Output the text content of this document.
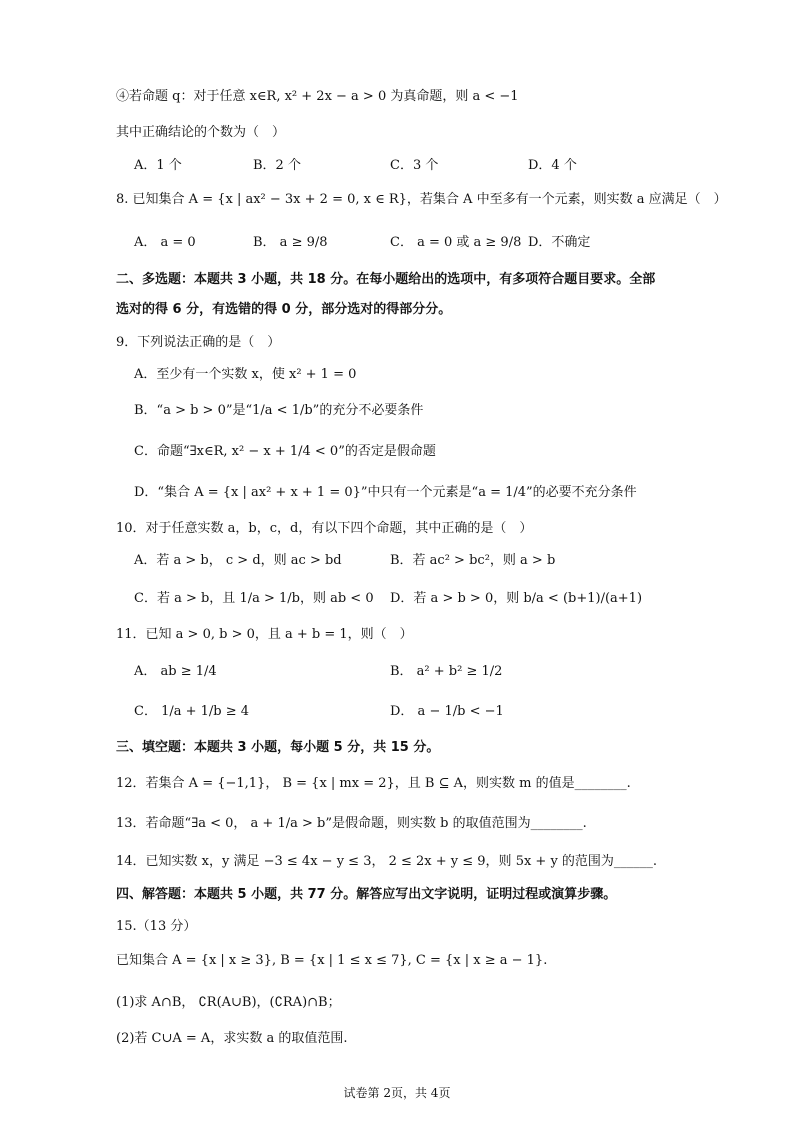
④若命题 q：对于任意 x∈R, x² + 2x − a > 0 为真命题，则 a < −1
其中正确结论的个数为（　）
A．1 个	B．2 个	C．3 个	D．4 个
8. 已知集合 A = {x | ax² − 3x + 2 = 0, x ∈ R}，若集合 A 中至多有一个元素，则实数 a 应满足（　）
A． a = 0	B． a ≥ 9/8	C． a = 0 或 a ≥ 9/8 D．不确定
二、多选题：本题共 3 小题，共 18 分。在每小题给出的选项中，有多项符合题目要求。全部
选对的得 6 分，有选错的得 0 分，部分选对的得部分分。
9．下列说法正确的是（　）
A．至少有一个实数 x，使 x² + 1 = 0
B．“a > b > 0”是“1/a < 1/b”的充分不必要条件
C．命题“∃x∈R, x² − x + 1/4 < 0”的否定是假命题
D．“集合 A = {x | ax² + x + 1 = 0}”中只有一个元素是“a = 1/4”的必要不充分条件
10．对于任意实数 a，b，c，d，有以下四个命题，其中正确的是（　）
A．若 a > b， c > d，则 ac > bd	B．若 ac² > bc²，则 a > b
C．若 a > b，且 1/a > 1/b，则 ab < 0 D．若 a > b > 0，则 b/a < (b+1)/(a+1)
11．已知 a > 0, b > 0，且 a + b = 1，则（　）
A． ab ≥ 1/4	B． a² + b² ≥ 1/2
C． 1/a + 1/b ≥ 4	D． a − 1/b < −1
三、填空题：本题共 3 小题，每小题 5 分，共 15 分。
12．若集合 A = {−1,1}， B = {x | mx = 2}，且 B ⊆ A，则实数 m 的值是________.
13．若命题“∃a < 0， a + 1/a > b”是假命题，则实数 b 的取值范围为________.
14．已知实数 x，y 满足 −3 ≤ 4x − y ≤ 3， 2 ≤ 2x + y ≤ 9，则 5x + y 的范围为______.
四、解答题：本题共 5 小题，共 77 分。解答应写出文字说明，证明过程或演算步骤。
15.（13 分）
已知集合 A = {x | x ≥ 3}, B = {x | 1 ≤ x ≤ 7}, C = {x | x ≥ a − 1}.
(1)求 A∩B， ∁R(A∪B)，(∁RA)∩B；
(2)若 C∪A = A，求实数 a 的取值范围.
试卷第 2页，共 4页
